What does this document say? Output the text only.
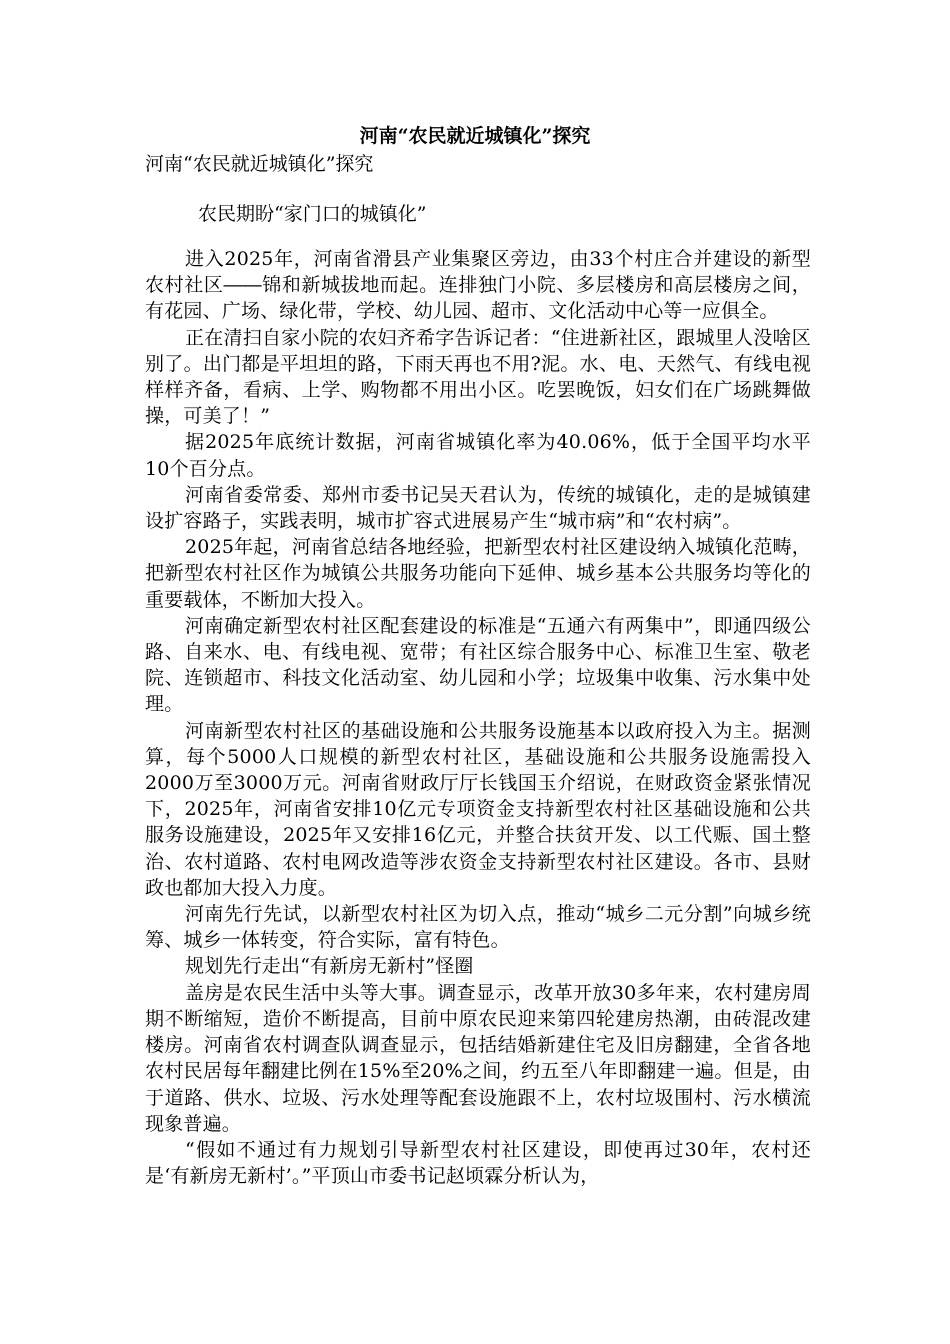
河南“农民就近城镇化”探究

河南“农民就近城镇化”探究

农民期盼“家门口的城镇化”

进入2025年，河南省滑县产业集聚区旁边，由33个村庄合并建设的新型农村社区――锦和新城拔地而起。连排独门小院、多层楼房和高层楼房之间，有花园、广场、绿化带，学校、幼儿园、超市、文化活动中心等一应俱全。

正在清扫自家小院的农妇齐希字告诉记者：“住进新社区，跟城里人没啥区别了。出门都是平坦坦的路，下雨天再也不用?泥。水、电、天然气、有线电视样样齐备，看病、上学、购物都不用出小区。吃罢晚饭，妇女们在广场跳舞做操，可美了！”

据2025年底统计数据，河南省城镇化率为40.06%，低于全国平均水平10个百分点。

河南省委常委、郑州市委书记吴天君认为，传统的城镇化，走的是城镇建设扩容路子，实践表明，城市扩容式进展易产生“城市病”和“农村病”。

2025年起，河南省总结各地经验，把新型农村社区建设纳入城镇化范畴，把新型农村社区作为城镇公共服务功能向下延伸、城乡基本公共服务均等化的重要载体，不断加大投入。

河南确定新型农村社区配套建设的标准是“五通六有两集中”，即通四级公路、自来水、电、有线电视、宽带；有社区综合服务中心、标准卫生室、敬老院、连锁超市、科技文化活动室、幼儿园和小学；垃圾集中收集、污水集中处理。

河南新型农村社区的基础设施和公共服务设施基本以政府投入为主。据测算，每个5000人口规模的新型农村社区，基础设施和公共服务设施需投入2000万至3000万元。河南省财政厅厅长钱国玉介绍说，在财政资金紧张情况下，2025年，河南省安排10亿元专项资金支持新型农村社区基础设施和公共服务设施建设，2025年又安排16亿元，并整合扶贫开发、以工代赈、国土整治、农村道路、农村电网改造等涉农资金支持新型农村社区建设。各市、县财政也都加大投入力度。

河南先行先试，以新型农村社区为切入点，推动“城乡二元分割”向城乡统筹、城乡一体转变，符合实际，富有特色。

规划先行走出“有新房无新村”怪圈

盖房是农民生活中头等大事。调查显示，改革开放30多年来，农村建房周期不断缩短，造价不断提高，目前中原农民迎来第四轮建房热潮，由砖混改建楼房。河南省农村调查队调查显示，包括结婚新建住宅及旧房翻建，全省各地农村民居每年翻建比例在15%至20%之间，约五至八年即翻建一遍。但是，由于道路、供水、垃圾、污水处理等配套设施跟不上，农村垃圾围村、污水横流现象普遍。

“假如不通过有力规划引导新型农村社区建设，即使再过30年，农村还是‘有新房无新村’。”平顶山市委书记赵顷霖分析认为，
